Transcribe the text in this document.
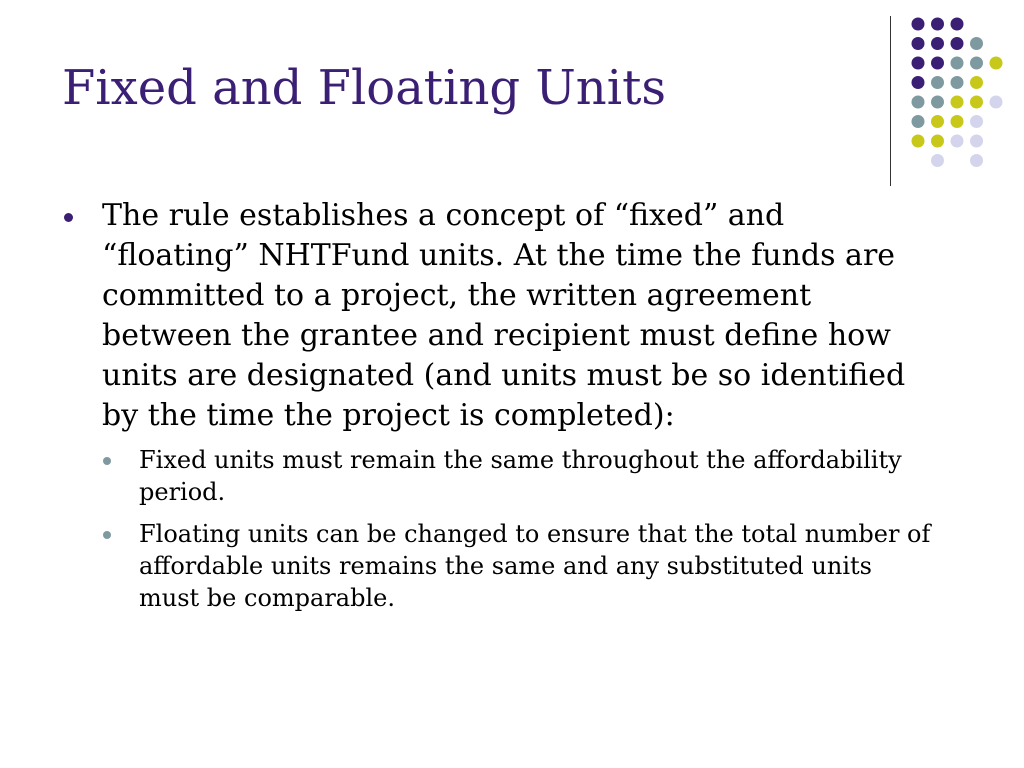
Fixed and Floating Units
The rule establishes a concept of “fixed” and “floating” NHTFund units. At the time the funds are committed to a project, the written agreement between the grantee and recipient must define how units are designated (and units must be so identified by the time the project is completed):
Fixed units must remain the same throughout the affordability period.
Floating units can be changed to ensure that the total number of affordable units remains the same and any substituted units must be comparable.
